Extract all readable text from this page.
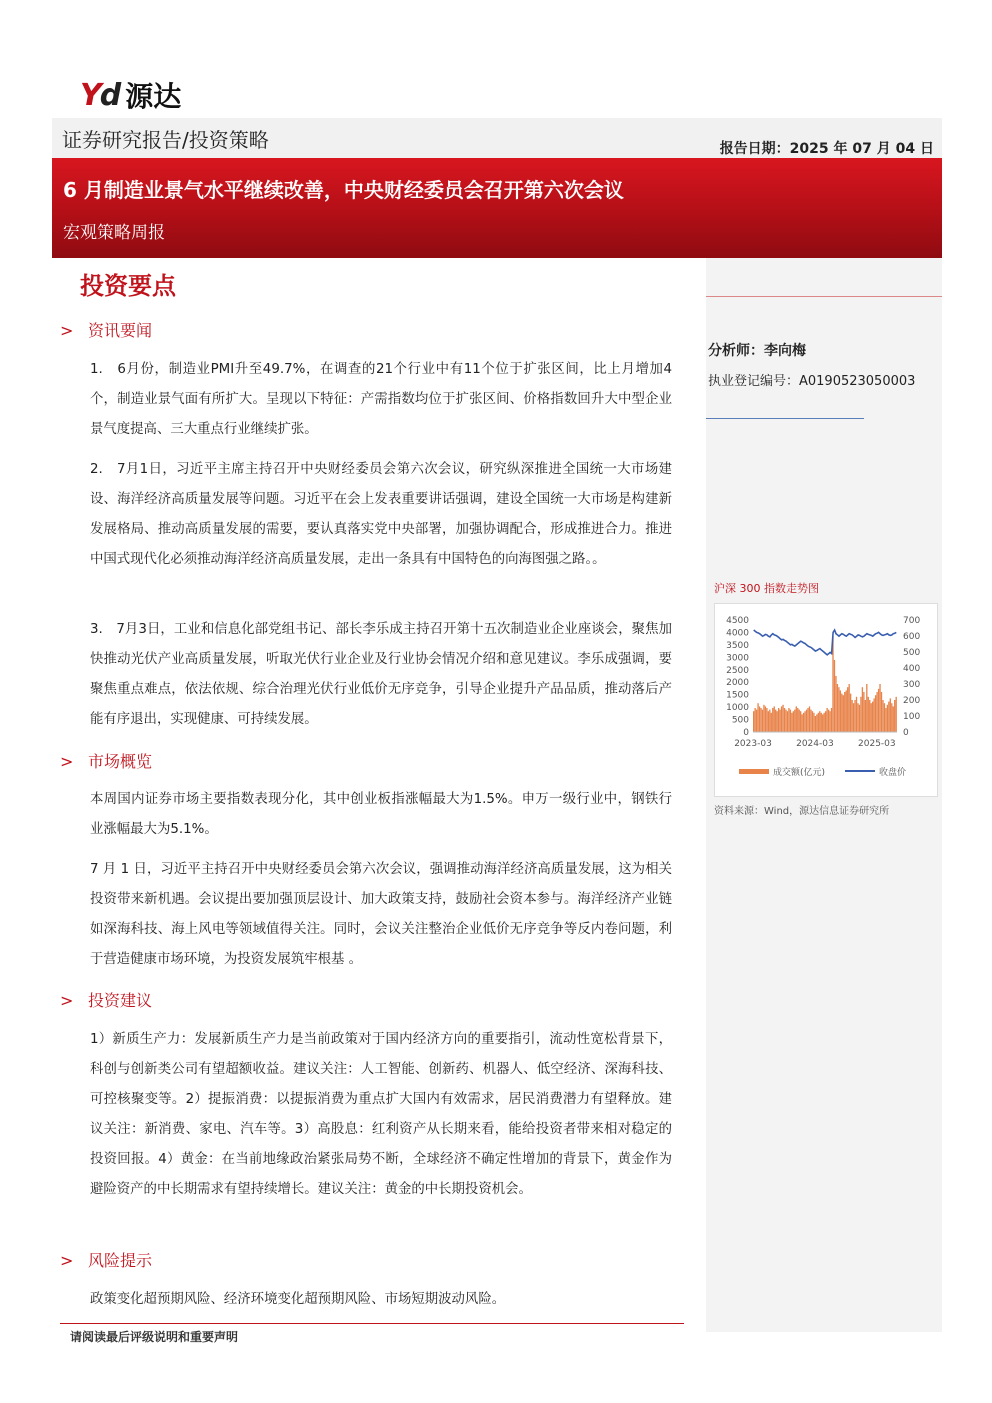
Yd 源达
证券研究报告/投资策略	报告日期：2025 年 07 月 04 日
6 月制造业景气水平继续改善，中央财经委员会召开第六次会议
宏观策略周报
投资要点
> 资讯要闻
1.　6月份，制造业PMI升至49.7%，在调查的21个行业中有11个位于扩张区间，比上月增加4个，制造业景气面有所扩大。呈现以下特征：产需指数均位于扩张区间、价格指数回升大中型企业景气度提高、三大重点行业继续扩张。
2.　7月1日，习近平主席主持召开中央财经委员会第六次会议，研究纵深推进全国统一大市场建设、海洋经济高质量发展等问题。习近平在会上发表重要讲话强调，建设全国统一大市场是构建新发展格局、推动高质量发展的需要，要认真落实党中央部署，加强协调配合，形成推进合力。推进中国式现代化必须推动海洋经济高质量发展，走出一条具有中国特色的向海图强之路。。
3.　7月3日，工业和信息化部党组书记、部长李乐成主持召开第十五次制造业企业座谈会，聚焦加快推动光伏产业高质量发展，听取光伏行业企业及行业协会情况介绍和意见建议。李乐成强调，要聚焦重点难点，依法依规、综合治理光伏行业低价无序竞争，引导企业提升产品品质，推动落后产能有序退出，实现健康、可持续发展。
> 市场概览
本周国内证券市场主要指数表现分化，其中创业板指涨幅最大为1.5%。申万一级行业中，钢铁行业涨幅最大为5.1%。
7 月 1 日，习近平主持召开中央财经委员会第六次会议，强调推动海洋经济高质量发展，这为相关投资带来新机遇。会议提出要加强顶层设计、加大政策支持，鼓励社会资本参与。海洋经济产业链如深海科技、海上风电等领域值得关注。同时，会议关注整治企业低价无序竞争等反内卷问题，利于营造健康市场环境，为投资发展筑牢根基 。
> 投资建议
1）新质生产力：发展新质生产力是当前政策对于国内经济方向的重要指引，流动性宽松背景下，科创与创新类公司有望超额收益。建议关注：人工智能、创新药、机器人、低空经济、深海科技、可控核聚变等。2）提振消费：以提振消费为重点扩大国内有效需求，居民消费潜力有望释放。建议关注：新消费、家电、汽车等。3）高股息：红利资产从长期来看，能给投资者带来相对稳定的投资回报。4）黄金：在当前地缘政治紧张局势不断，全球经济不确定性增加的背景下，黄金作为避险资产的中长期需求有望持续增长。建议关注：黄金的中长期投资机会。
> 风险提示
政策变化超预期风险、经济环境变化超预期风险、市场短期波动风险。
分析师：李向梅
执业登记编号：A0190523050003
沪深 300 指数走势图
4500
4000
3500
3000
2500
2000
1500
1000
500
0
700
600
500
400
300
200
100
0
2023-03	2024-03	2025-03
成交额(亿元)	收盘价
资料来源：Wind，源达信息证券研究所
请阅读最后评级说明和重要声明
